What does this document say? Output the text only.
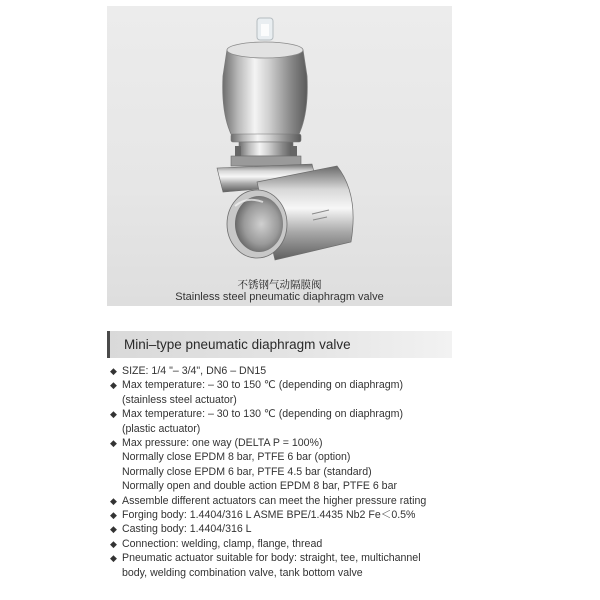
不锈钢气动隔膜阀
Stainless steel pneumatic diaphragm valve
Mini–type pneumatic diaphragm valve
◆ SIZE: 1/4 "– 3/4", DN6 – DN15
◆ Max temperature: – 30 to 150 ℃ (depending on diaphragm)
(stainless steel actuator)
◆ Max temperature: – 30 to 130 ℃ (depending on diaphragm)
(plastic actuator)
◆ Max pressure: one way (DELTA P = 100%)
Normally close EPDM 8 bar, PTFE 6 bar (option)
Normally close EPDM 6 bar, PTFE 4.5 bar (standard)
Normally open and double action EPDM 8 bar, PTFE 6 bar
◆ Assemble different actuators can meet the higher pressure rating
◆ Forging body: 1.4404/316 L ASME BPE/1.4435 Nb2 Fe＜0.5%
◆ Casting body: 1.4404/316 L
◆ Connection: welding, clamp, flange, thread
◆ Pneumatic actuator suitable for body: straight, tee, multichannel
body, welding combination valve, tank bottom valve
